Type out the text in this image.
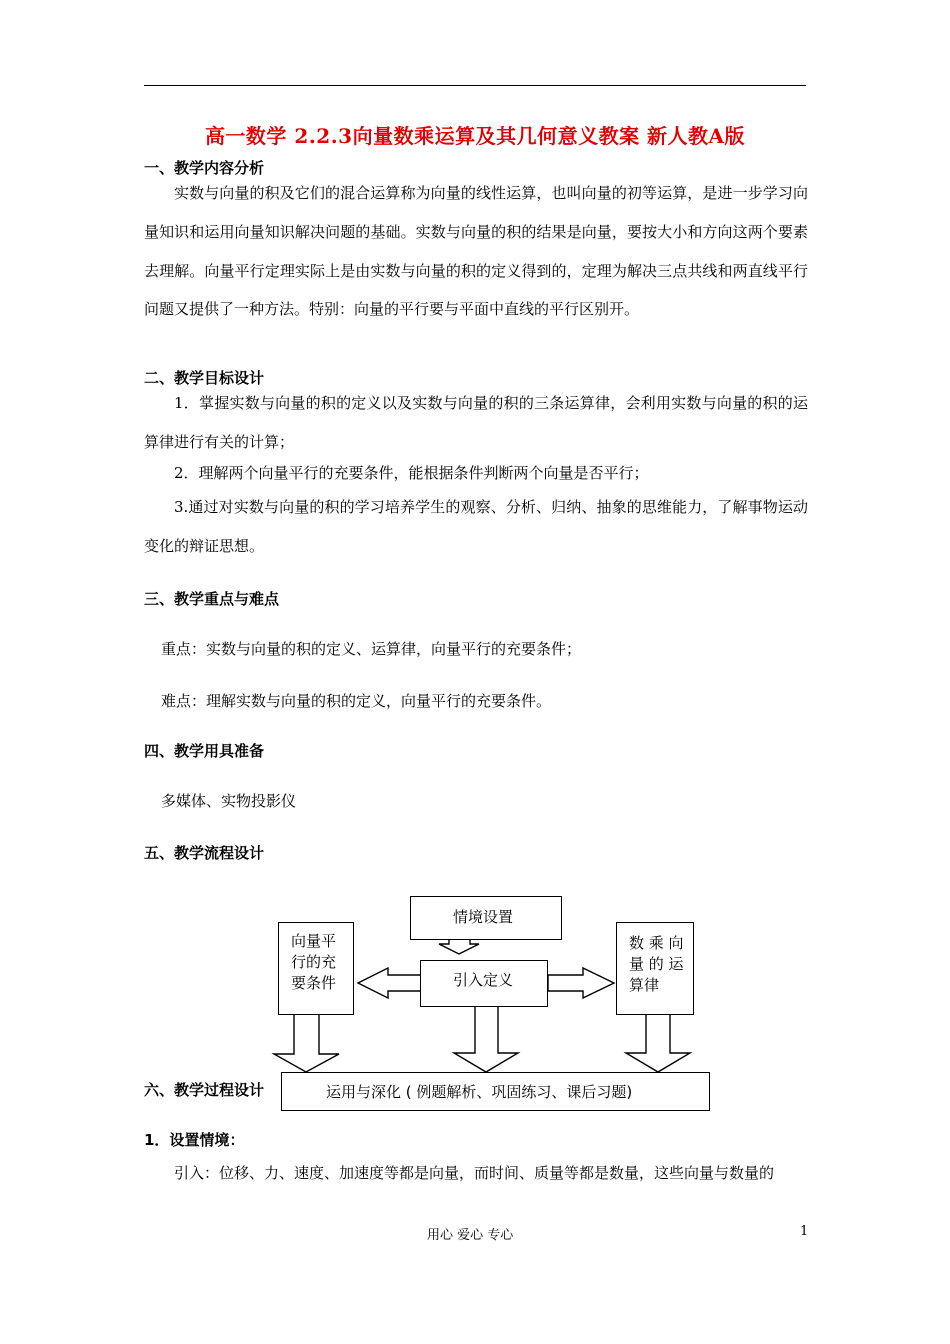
高一数学 2.2.3向量数乘运算及其几何意义教案 新人教A版
一、教学内容分析

实数与向量的积及它们的混合运算称为向量的线性运算，也叫向量的初等运算，是进一步学习向量知识和运用向量知识解决问题的基础。实数与向量的积的结果是向量，要按大小和方向这两个要素去理解。向量平行定理实际上是由实数与向量的积的定义得到的，定理为解决三点共线和两直线平行问题又提供了一种方法。特别：向量的平行要与平面中直线的平行区别开。

二、教学目标设计

1．掌握实数与向量的积的定义以及实数与向量的积的三条运算律，会利用实数与向量的积的运算律进行有关的计算；

2．理解两个向量平行的充要条件，能根据条件判断两个向量是否平行；

3.通过对实数与向量的积的学习培养学生的观察、分析、归纳、抽象的思维能力，了解事物运动变化的辩证思想。

三、教学重点与难点
重点：实数与向量的积的定义、运算律，向量平行的充要条件；
难点：理解实数与向量的积的定义，向量平行的充要条件。
四、教学用具准备
多媒体、实物投影仪
五、教学流程设计
情境设置
向量平
行的充
要条件	引入定义
数 乘 向
量 的 运
算律
六、教学过程设计	运用与深化 ( 例题解析、巩固练习、课后习题)
1．设置情境：
引入：位移、力、速度、加速度等都是向量，而时间、质量等都是数量，这些向量与数量的
用心 爱心 专心	1
